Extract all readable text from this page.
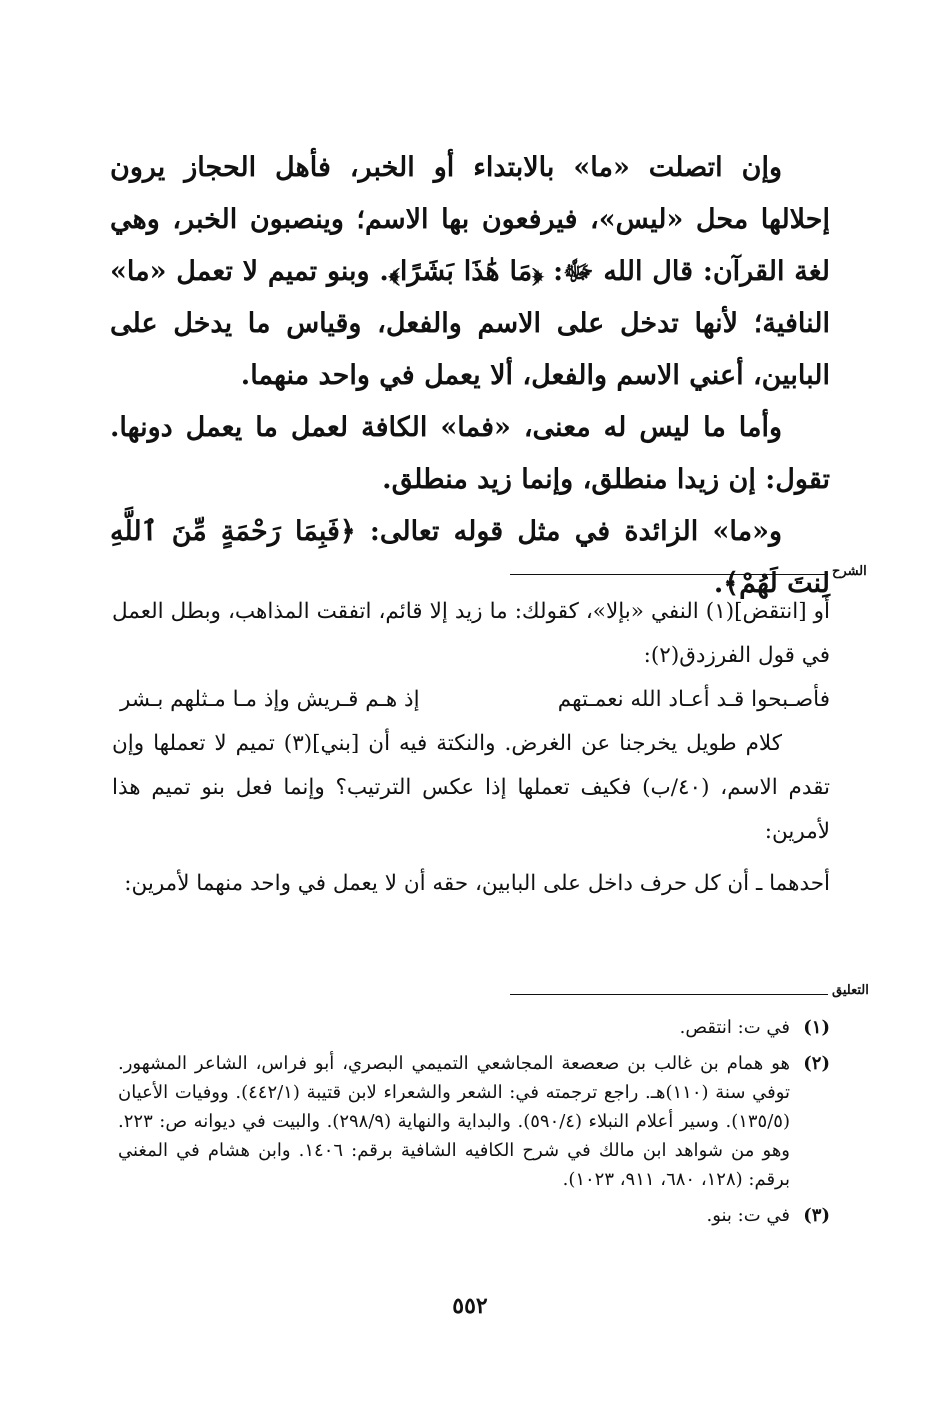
وإن اتصلت «ما» بالابتداء أو الخبر، فأهل الحجاز يرون إحلالها محل «ليس»، فيرفعون بها الاسم؛ وينصبون الخبر، وهي لغة القرآن: قال الله ﷻ: ﴿مَا هَٰذَا بَشَرًا﴾. وبنو تميم لا تعمل «ما» النافية؛ لأنها تدخل على الاسم والفعل، وقياس ما يدخل على البابين، أعني الاسم والفعل، ألا يعمل في واحد منهما.

وأما ما ليس له معنى، «فما» الكافة لعمل ما يعمل دونها. تقول: إن زيدا منطلق، وإنما زيد منطلق.

و«ما» الزائدة في مثل قوله تعالى: ﴿فَبِمَا رَحْمَةٍ مِّنَ ٱللَّهِ لِنتَ لَهُمْ﴾. الشرح

أو [انتقض](١) النفي «بإلا»، كقولك: ما زيد إلا قائم، اتفقت المذاهب، وبطل العمل في قول الفرزدق(٢):

فأصـبحوا قـد أعـاد الله نعمـتهم
إذ هـم قـريش وإذ مـا مـثلهم بـشر

كلام طويل يخرجنا عن الغرض. والنكتة فيه أن [بني](٣) تميم لا تعملها وإن تقدم الاسم، (٤٠/ب) فكيف تعملها إذا عكس الترتيب؟ وإنما فعل بنو تميم هذا لأمرين:

أحدهما ـ أن كل حرف داخل على البابين، حقه أن لا يعمل في واحد منهما لأمرين:

التعليق
(١)
في ت: انتقص.
(٢)
هو همام بن غالب بن صعصعة المجاشعي التميمي البصري، أبو فراس، الشاعر المشهور. توفي سنة (١١٠)هـ. راجع ترجمته في: الشعر والشعراء لابن قتيبة (٤٤٢/١). ووفيات الأعيان (١٣٥/٥). وسير أعلام النبلاء (٥٩٠/٤). والبداية والنهاية (٢٩٨/٩). والبيت في ديوانه ص: ٢٢٣. وهو من شواهد ابن مالك في شرح الكافيه الشافية برقم: ١٤٠٦. وابن هشام في المغني برقم: (١٢٨، ٦٨٠، ٩١١، ١٠٢٣).
(٣)
في ت: بنو.
٥٥٢
